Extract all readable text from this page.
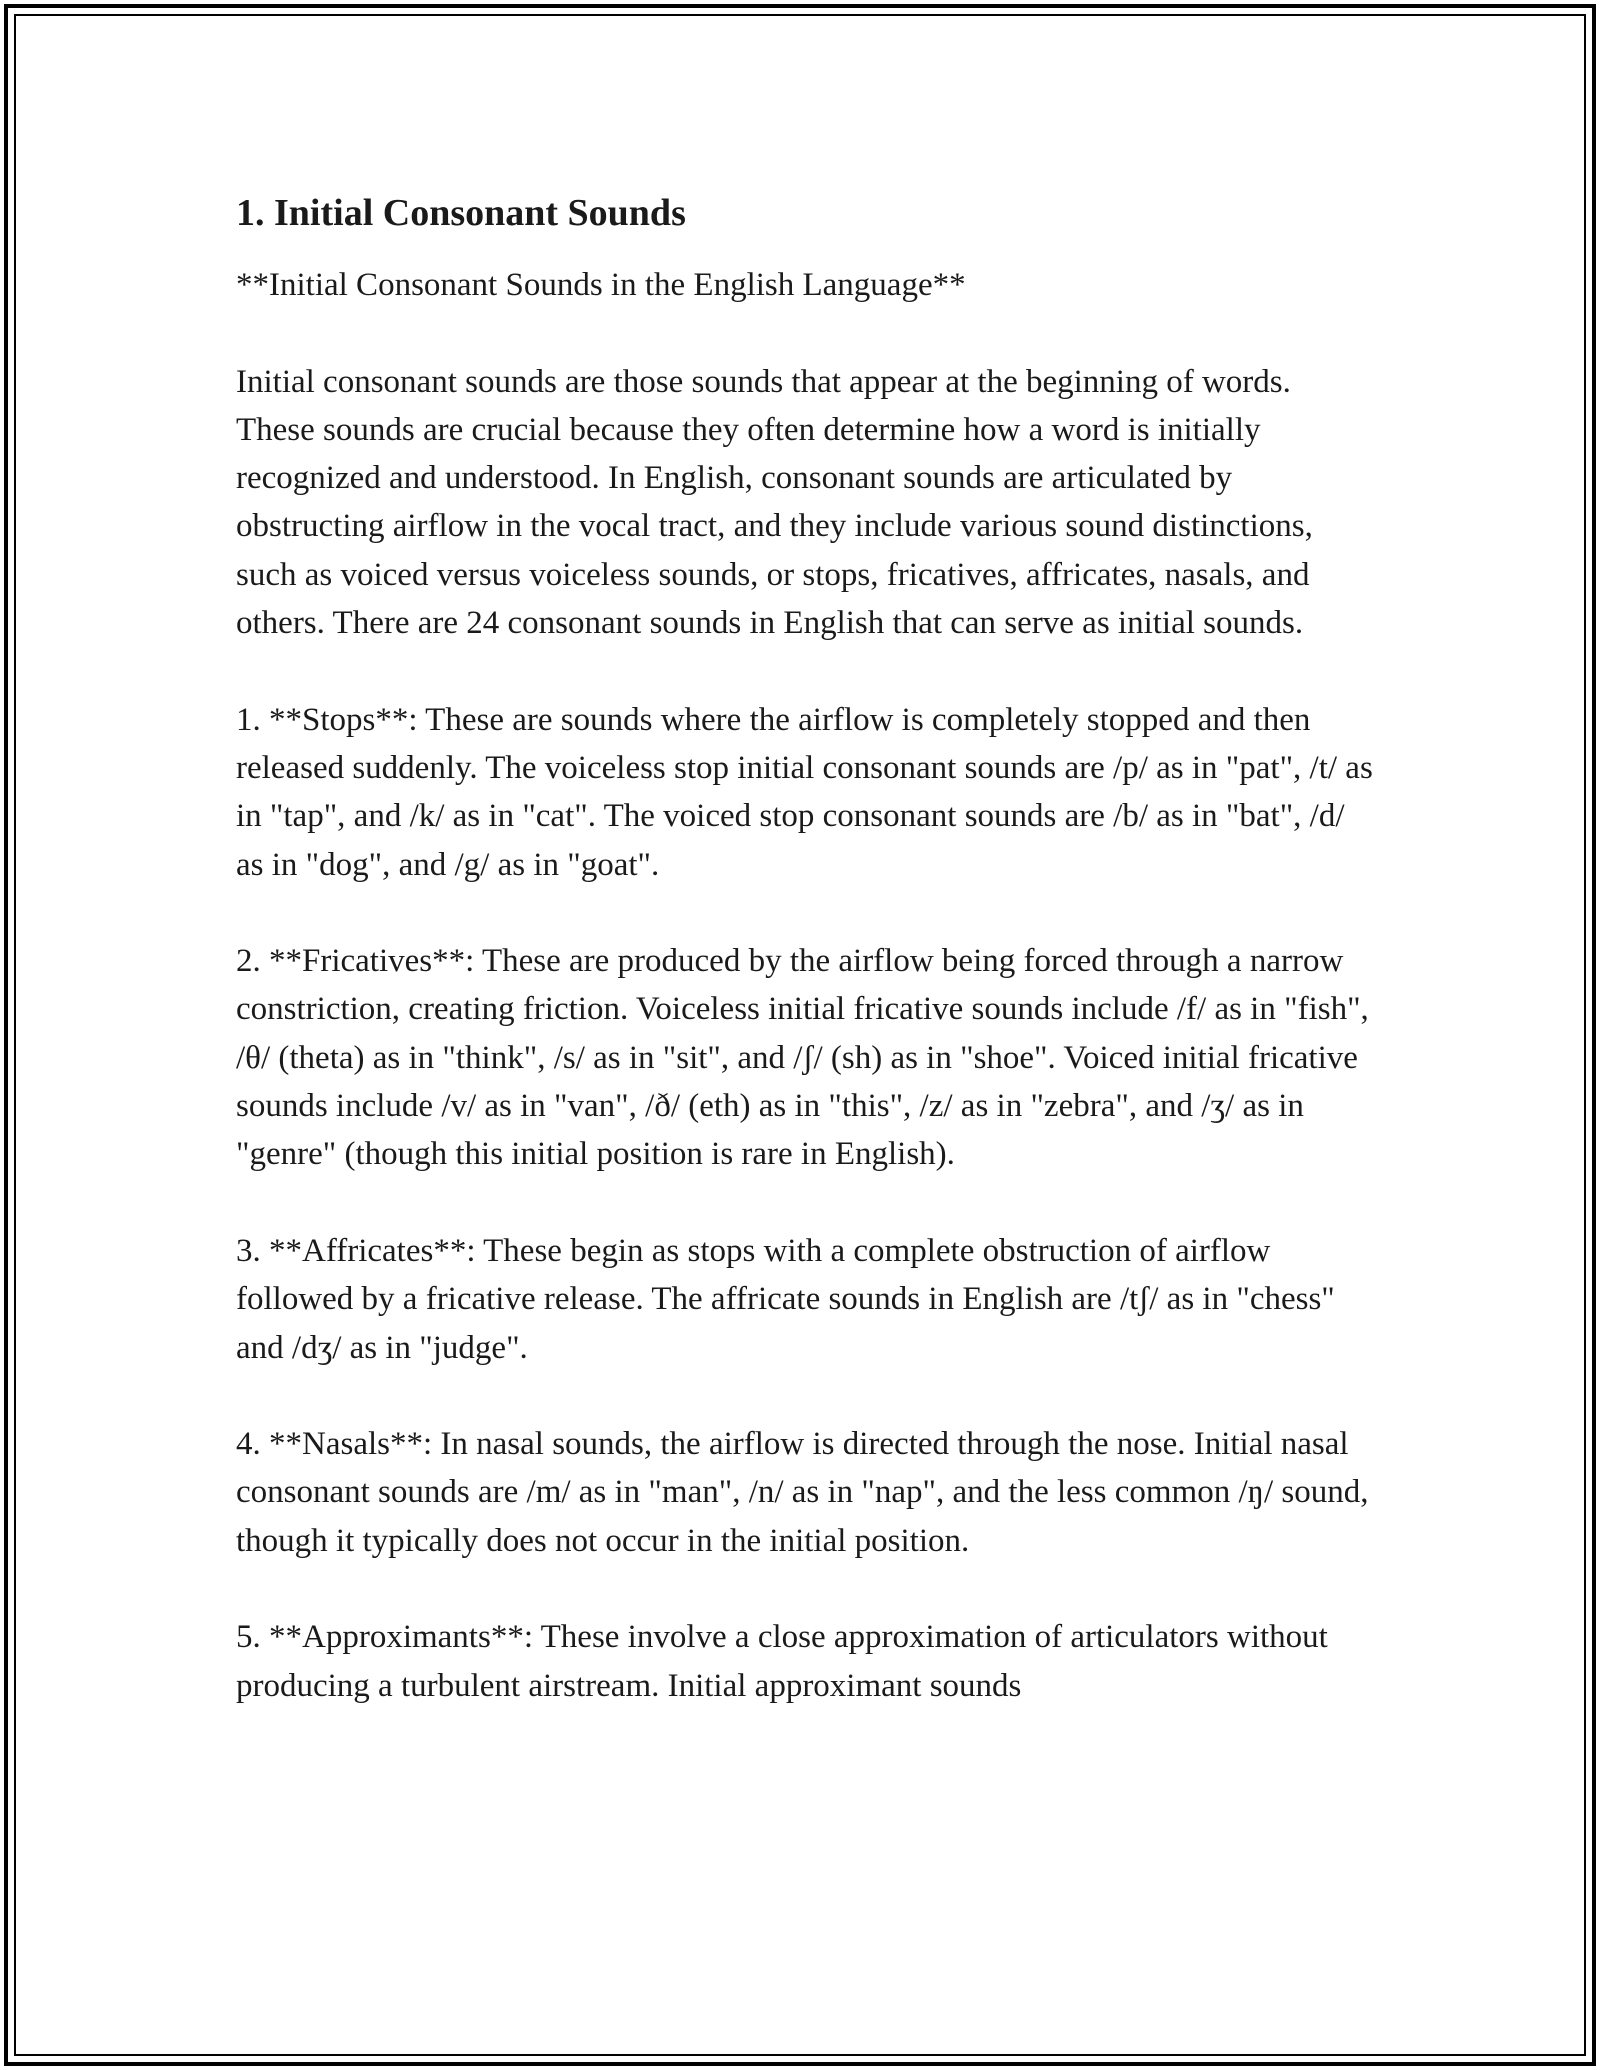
1. Initial Consonant Sounds

**Initial Consonant Sounds in the English Language**

Initial consonant sounds are those sounds that appear at the beginning of words. These sounds are crucial because they often determine how a word is initially recognized and understood. In English, consonant sounds are articulated by obstructing airflow in the vocal tract, and they include various sound distinctions, such as voiced versus voiceless sounds, or stops, fricatives, affricates, nasals, and others. There are 24 consonant sounds in English that can serve as initial sounds.

1. **Stops**: These are sounds where the airflow is completely stopped and then released suddenly. The voiceless stop initial consonant sounds are /p/ as in "pat", /t/ as in "tap", and /k/ as in "cat". The voiced stop consonant sounds are /b/ as in "bat", /d/ as in "dog", and /g/ as in "goat".

2. **Fricatives**: These are produced by the airflow being forced through a narrow constriction, creating friction. Voiceless initial fricative sounds include /f/ as in "fish", /θ/ (theta) as in "think", /s/ as in "sit", and /ʃ/ (sh) as in "shoe". Voiced initial fricative sounds include /v/ as in "van", /ð/ (eth) as in "this", /z/ as in "zebra", and /ʒ/ as in "genre" (though this initial position is rare in English).

3. **Affricates**: These begin as stops with a complete obstruction of airflow followed by a fricative release. The affricate sounds in English are /tʃ/ as in "chess" and /dʒ/ as in "judge".

4. **Nasals**: In nasal sounds, the airflow is directed through the nose. Initial nasal consonant sounds are /m/ as in "man", /n/ as in "nap", and the less common /ŋ/ sound, though it typically does not occur in the initial position.

5. **Approximants**: These involve a close approximation of articulators without producing a turbulent airstream. Initial approximant sounds
